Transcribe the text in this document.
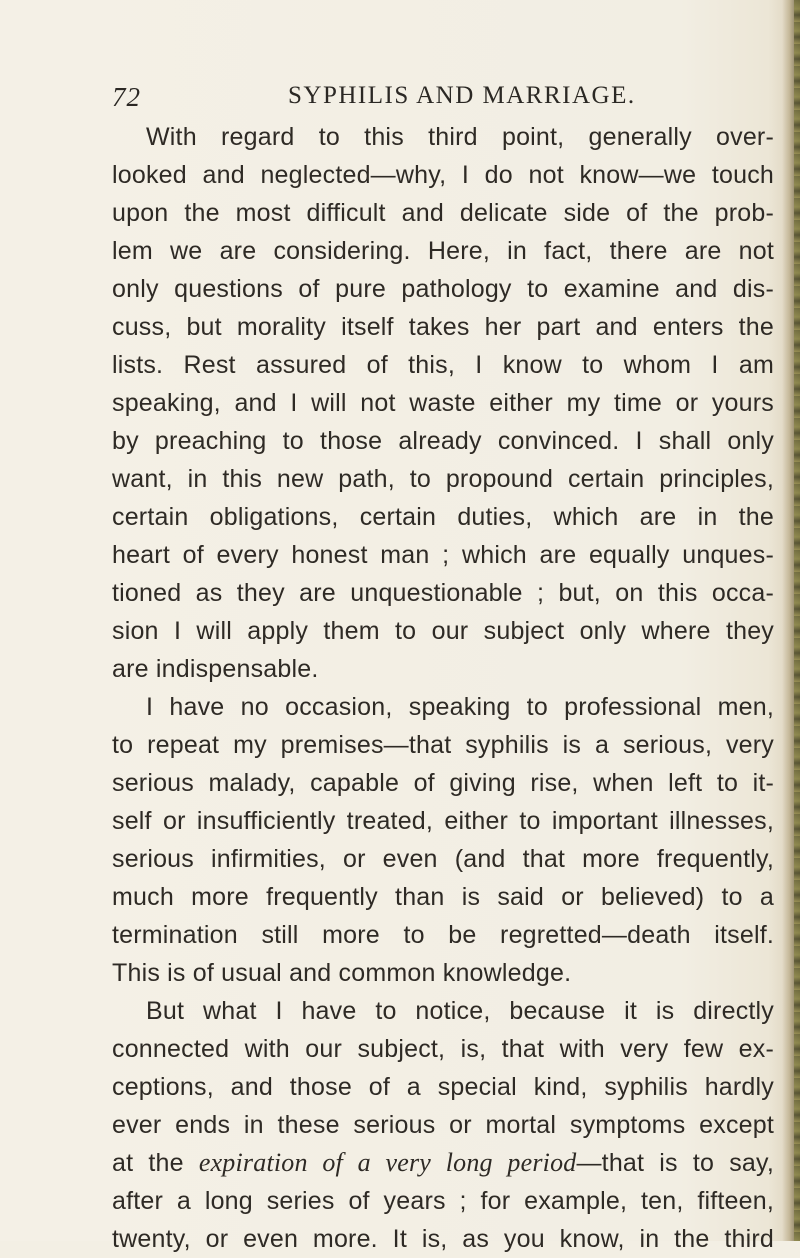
72	SYPHILIS AND MARRIAGE.
With regard to this third point, generally over-
looked and neglected—why, I do not know—we touch
upon the most difficult and delicate side of the prob-
lem we are considering. Here, in fact, there are not
only questions of pure pathology to examine and dis-
cuss, but morality itself takes her part and enters the
lists. Rest assured of this, I know to whom I am
speaking, and I will not waste either my time or yours
by preaching to those already convinced. I shall only
want, in this new path, to propound certain principles,
certain obligations, certain duties, which are in the
heart of every honest man ; which are equally unques-
tioned as they are unquestionable ; but, on this occa-
sion I will apply them to our subject only where they
are indispensable.
I have no occasion, speaking to professional men,
to repeat my premises—that syphilis is a serious, very
serious malady, capable of giving rise, when left to it-
self or insufficiently treated, either to important illnesses,
serious infirmities, or even (and that more frequently,
much more frequently than is said or believed) to a
termination still more to be regretted—death itself.
This is of usual and common knowledge.
But what I have to notice, because it is directly
connected with our subject, is, that with very few ex-
ceptions, and those of a special kind, syphilis hardly
ever ends in these serious or mortal symptoms except
at the expiration of a very long period—that is to say,
after a long series of years ; for example, ten, fifteen,
twenty, or even more. It is, as you know, in the third
